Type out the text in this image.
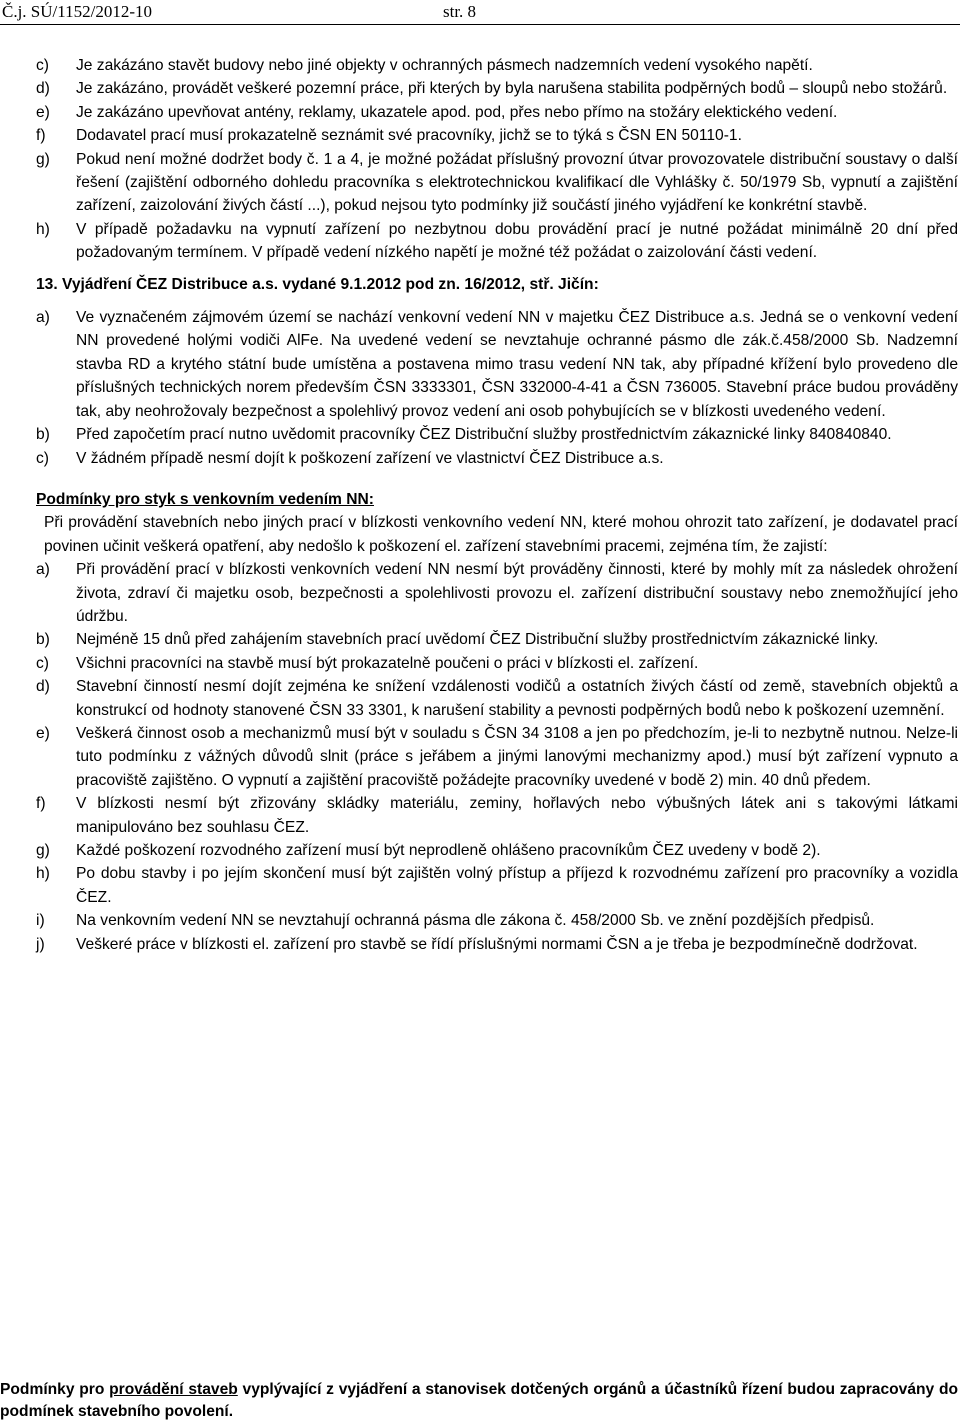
Č.j. SÚ/1152/2012-10	str. 8
c)	Je zakázáno stavět budovy nebo jiné objekty v ochranných pásmech nadzemních vedení vysokého napětí.
d)	Je zakázáno, provádět veškeré pozemní práce, při kterých by byla narušena stabilita podpěrných bodů – sloupů nebo stožárů.
e)	Je zakázáno upevňovat antény, reklamy, ukazatele apod. pod, přes nebo přímo na stožáry elektického vedení.
f)	Dodavatel prací musí prokazatelně seznámit své pracovníky, jichž se to týká s ČSN EN 50110-1.
g)	Pokud není možné dodržet body č. 1 a 4, je možné požádat příslušný provozní útvar provozovatele distribuční soustavy o další řešení (zajištění odborného dohledu pracovníka s elektrotechnickou kvalifikací dle Vyhlášky č. 50/1979 Sb, vypnutí a zajištění zařízení, zaizolování živých částí ...), pokud nejsou tyto podmínky již součástí jiného vyjádření ke konkrétní stavbě.
h)	V případě požadavku na vypnutí zařízení po nezbytnou dobu provádění prací je nutné požádat minimálně 20 dní před požadovaným termínem. V případě vedení nízkého napětí je možné též požádat o zaizolování části vedení.
13. Vyjádření ČEZ Distribuce a.s. vydané 9.1.2012 pod zn. 16/2012, stř. Jičín:
a)	Ve vyznačeném zájmovém území se nachází venkovní vedení NN v majetku ČEZ Distribuce a.s. Jedná se o venkovní vedení NN provedené holými vodiči AlFe. Na uvedené vedení se nevztahuje ochranné pásmo dle zák.č.458/2000 Sb. Nadzemní stavba RD a krytého státní bude umístěna a postavena mimo trasu vedení NN tak, aby případné křížení bylo provedeno dle příslušných technických norem především ČSN 3333301, ČSN 332000-4-41 a ČSN 736005. Stavební práce budou prováděny tak, aby neohrožovaly bezpečnost a spolehlivý provoz vedení ani osob pohybujících se v blízkosti uvedeného vedení.
b)	Před započetím prací nutno uvědomit pracovníky ČEZ Distribuční služby prostřednictvím zákaznické linky 840840840.
c)	V žádném případě nesmí dojít k poškození zařízení ve vlastnictví ČEZ Distribuce a.s.
Podmínky pro styk s venkovním vedením NN:
Při provádění stavebních nebo jiných prací v blízkosti venkovního vedení NN, které mohou ohrozit tato zařízení, je dodavatel prací povinen učinit veškerá opatření, aby nedošlo k poškození el. zařízení stavebními pracemi, zejména tím, že zajistí:
a)	Při provádění prací v blízkosti venkovních vedení NN nesmí být prováděny činnosti, které by mohly mít za následek ohrožení života, zdraví či majetku osob, bezpečnosti a spolehlivosti provozu el. zařízení distribuční soustavy nebo znemožňující jeho údržbu.
b)	Nejméně 15 dnů před zahájením stavebních prací uvědomí ČEZ Distribuční služby prostřednictvím zákaznické linky.
c)	Všichni pracovníci na stavbě musí být prokazatelně poučeni o práci v blízkosti el. zařízení.
d)	Stavební činností nesmí dojít zejména ke snížení vzdálenosti vodičů a ostatních živých částí od země, stavebních objektů a konstrukcí od hodnoty stanovené ČSN 33 3301, k narušení stability a pevnosti podpěrných bodů nebo k poškození uzemnění.
e)	Veškerá činnost osob a mechanizmů musí být v souladu s ČSN 34 3108 a jen po předchozím, je-li to nezbytně nutnou. Nelze-li tuto podmínku z vážných důvodů slnit (práce s jeřábem a jinými lanovými mechanizmy apod.) musí být zařízení vypnuto a pracoviště zajištěno. O vypnutí a zajištění pracoviště požádejte pracovníky uvedené v bodě 2) min. 40 dnů předem.
f)	V blízkosti nesmí být zřizovány skládky materiálu, zeminy, hořlavých nebo výbušných látek ani s takovými látkami manipulováno bez souhlasu ČEZ.
g)	Každé poškození rozvodného zařízení musí být neprodleně ohlášeno pracovníkům ČEZ uvedeny v bodě 2).
h)	Po dobu stavby i po jejím skončení musí být zajištěn volný přístup a příjezd k rozvodnému zařízení pro pracovníky a vozidla ČEZ.
i)	Na venkovním vedení NN se nevztahují ochranná pásma dle zákona č. 458/2000 Sb. ve znění pozdějších předpisů.
j)	Veškeré práce v blízkosti el. zařízení pro stavbě se řídí příslušnými normami ČSN a je třeba je bezpodmínečně dodržovat.
Podmínky pro provádění staveb vyplývající z vyjádření a stanovisek dotčených orgánů a účastníků řízení budou zapracovány do podmínek stavebního povolení.
